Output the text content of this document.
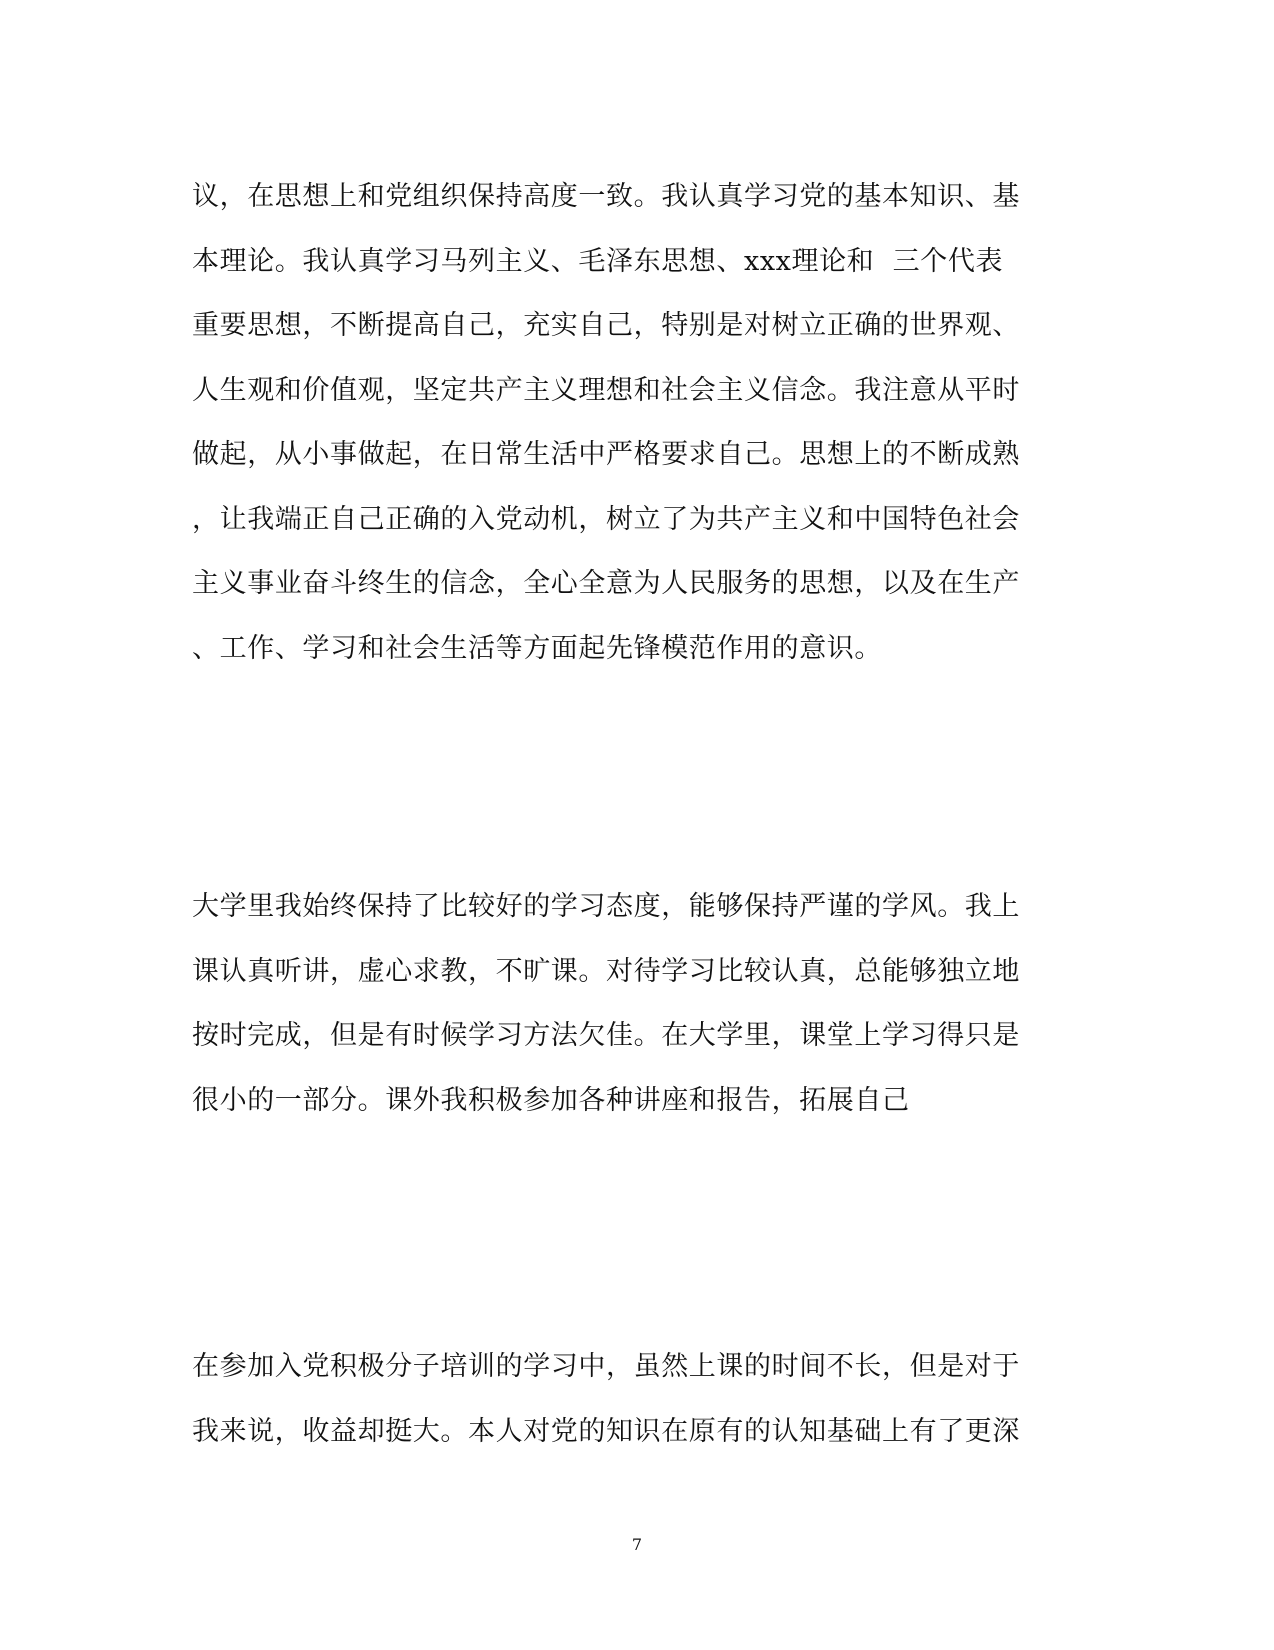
议，在思想上和党组织保持高度一致。我认真学习党的基本知识、基
本理论。我认真学习马列主义、毛泽东思想、xxx理论和  三个代表
重要思想，不断提高自己，充实自己，特别是对树立正确的世界观、
人生观和价值观，坚定共产主义理想和社会主义信念。我注意从平时
做起，从小事做起，在日常生活中严格要求自己。思想上的不断成熟
，让我端正自己正确的入党动机，树立了为共产主义和中国特色社会
主义事业奋斗终生的信念，全心全意为人民服务的思想，以及在生产
、工作、学习和社会生活等方面起先锋模范作用的意识。
大学里我始终保持了比较好的学习态度，能够保持严谨的学风。我上
课认真听讲，虚心求教，不旷课。对待学习比较认真，总能够独立地
按时完成，但是有时候学习方法欠佳。在大学里，课堂上学习得只是
很小的一部分。课外我积极参加各种讲座和报告，拓展自己
在参加入党积极分子培训的学习中，虽然上课的时间不长，但是对于
我来说，收益却挺大。本人对党的知识在原有的认知基础上有了更深
7
